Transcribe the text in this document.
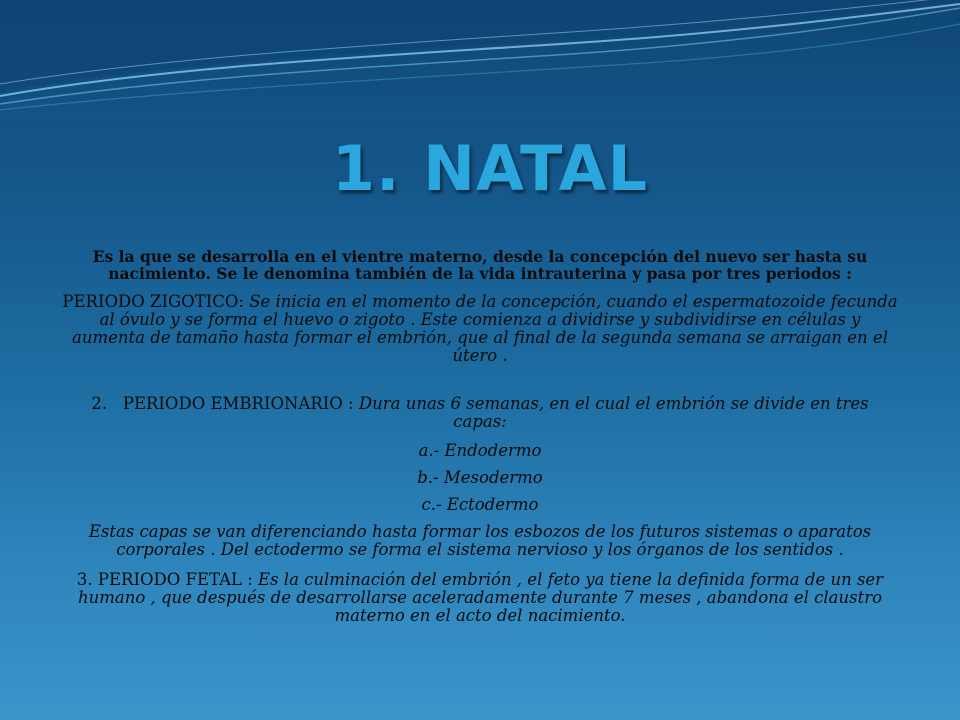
1. NATAL

Es la que se desarrolla en el vientre materno, desde la concepción del nuevo ser hasta su nacimiento. Se le denomina también de la vida intrauterina y pasa por tres periodos :

PERIODO ZIGOTICO: Se inicia en el momento de la concepción, cuando el espermatozoide fecunda al óvulo y se forma el huevo o zigoto . Este comienza a dividirse y subdividirse en células y aumenta de tamaño hasta formar el embrión, que al final de la segunda semana se arraigan en el útero .

2. PERIODO EMBRIONARIO : Dura unas 6 semanas, en el cual el embrión se divide en tres capas:

a.- Endodermo

b.- Mesodermo

c.- Ectodermo

Estas capas se van diferenciando hasta formar los esbozos de los futuros sistemas o aparatos corporales . Del ectodermo se forma el sistema nervioso y los órganos de los sentidos .

3. PERIODO FETAL : Es la culminación del embrión , el feto ya tiene la definida forma de un ser humano , que después de desarrollarse aceleradamente durante 7 meses , abandona el claustro materno en el acto del nacimiento.
